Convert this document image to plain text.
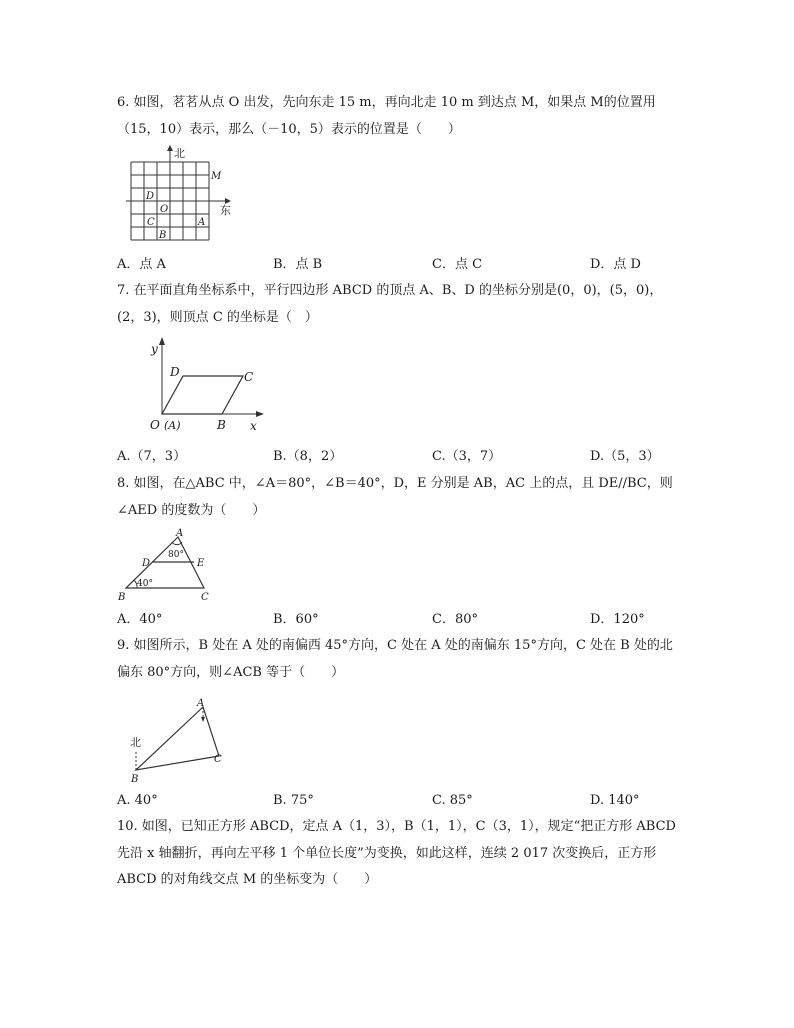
6. 如图，茗茗从点 O 出发，先向东走 15 m，再向北走 10 m 到达点 M，如果点 M的位置用
（15，10）表示，那么（－10，5）表示的位置是（　　）
北
东
M
D
O
C	A
B
A．点 A	B．点 B	C．点 C	D．点 D
7. 在平面直角坐标系中，平行四边形 ABCD 的顶点 A、B、D 的坐标分别是(0，0)，(5，0)，
(2，3)，则顶点 C 的坐标是（　）
y
x
D	C
O (A)	B
A.（7，3）	B.（8，2）	C.（3，7）	D.（5，3）
8. 如图，在△ABC 中，∠A＝80°，∠B＝40°，D，E 分别是 AB，AC 上的点，且 DE//BC，则
∠AED 的度数为（　　）
A
D	E
B	C
80°
40°
A．40°	B．60°	C．80°	D．120°
9. 如图所示，B 处在 A 处的南偏西 45°方向，C 处在 A 处的南偏东 15°方向，C 处在 B 处的北
偏东 80°方向，则∠ACB 等于（　　）
北
A
B
C
A. 40°	B. 75°	C. 85°	D. 140°
10. 如图，已知正方形 ABCD，定点 A（1，3），B（1，1），C（3，1），规定“把正方形 ABCD
先沿 x 轴翻折，再向左平移 1 个单位长度”为变换，如此这样，连续 2 017 次变换后，正方形
ABCD 的对角线交点 M 的坐标变为（　　）
